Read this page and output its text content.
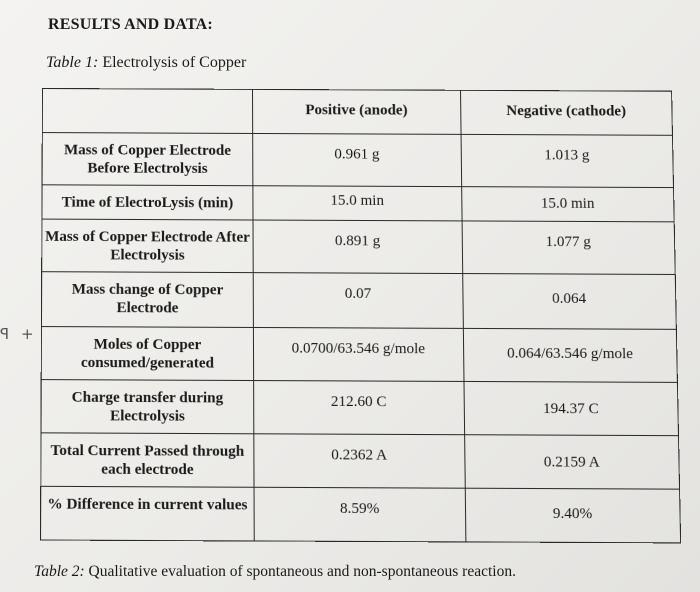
RESULTS AND DATA:
Table 1: Electrolysis of Copper
ꟼ +
	Positive (anode)	Negative (cathode)
Mass of Copper Electrode Before Electrolysis	0.961 g	1.013 g
Time of ElectroLysis (min)	15.0 min	15.0 min
Mass of Copper Electrode After Electrolysis	0.891 g	1.077 g
Mass change of Copper Electrode	0.07	0.064
Moles of Copper consumed/generated	0.0700/63.546 g/mole	0.064/63.546 g/mole
Charge transfer during Electrolysis	212.60 C	194.37 C
Total Current Passed through each electrode	0.2362 A	0.2159 A
% Difference in current values	8.59%	9.40%
Table 2: Qualitative evaluation of spontaneous and non-spontaneous reaction.
